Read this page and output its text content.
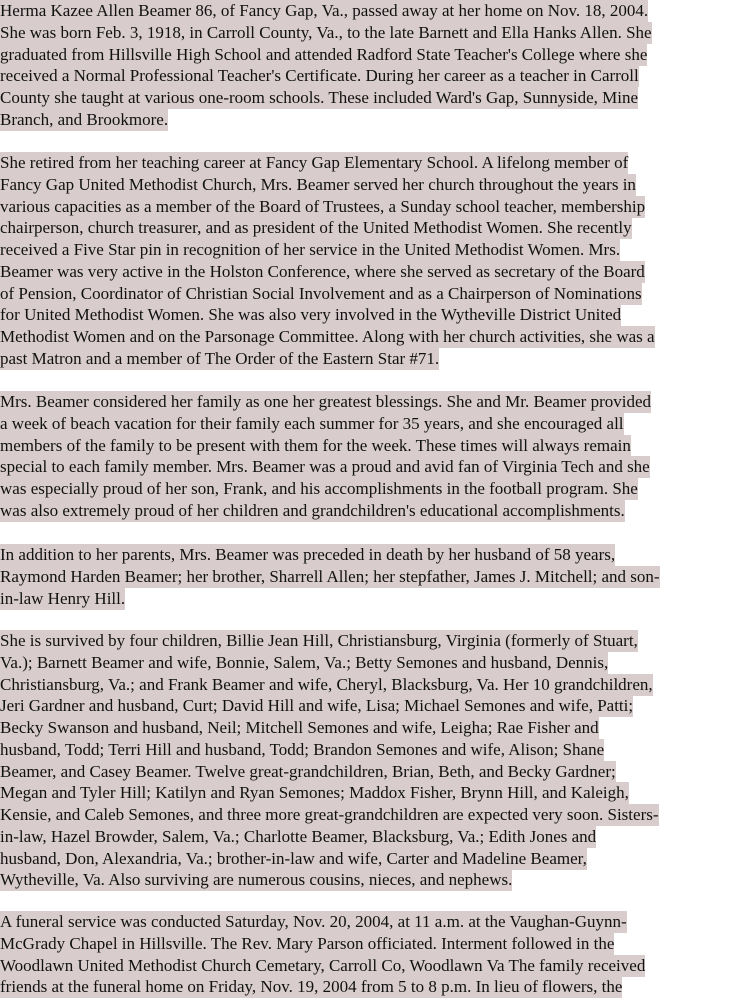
Herma Kazee Allen Beamer 86, of Fancy Gap, Va., passed away at her home on Nov. 18, 2004.
She was born Feb. 3, 1918, in Carroll County, Va., to the late Barnett and Ella Hanks Allen. She
graduated from Hillsville High School and attended Radford State Teacher's College where she
received a Normal Professional Teacher's Certificate. During her career as a teacher in Carroll
County she taught at various one-room schools. These included Ward's Gap, Sunnyside, Mine
Branch, and Brookmore.
She retired from her teaching career at Fancy Gap Elementary School. A lifelong member of
Fancy Gap United Methodist Church, Mrs. Beamer served her church throughout the years in
various capacities as a member of the Board of Trustees, a Sunday school teacher, membership
chairperson, church treasurer, and as president of the United Methodist Women. She recently
received a Five Star pin in recognition of her service in the United Methodist Women. Mrs.
Beamer was very active in the Holston Conference, where she served as secretary of the Board
of Pension, Coordinator of Christian Social Involvement and as a Chairperson of Nominations
for United Methodist Women. She was also very involved in the Wytheville District United
Methodist Women and on the Parsonage Committee. Along with her church activities, she was a
past Matron and a member of The Order of the Eastern Star #71.
Mrs. Beamer considered her family as one her greatest blessings. She and Mr. Beamer provided
a week of beach vacation for their family each summer for 35 years, and she encouraged all
members of the family to be present with them for the week. These times will always remain
special to each family member. Mrs. Beamer was a proud and avid fan of Virginia Tech and she
was especially proud of her son, Frank, and his accomplishments in the football program. She
was also extremely proud of her children and grandchildren's educational accomplishments.
In addition to her parents, Mrs. Beamer was preceded in death by her husband of 58 years,
Raymond Harden Beamer; her brother, Sharrell Allen; her stepfather, James J. Mitchell; and son-
in-law Henry Hill.
She is survived by four children, Billie Jean Hill, Christiansburg, Virginia (formerly of Stuart,
Va.); Barnett Beamer and wife, Bonnie, Salem, Va.; Betty Semones and husband, Dennis,
Christiansburg, Va.; and Frank Beamer and wife, Cheryl, Blacksburg, Va. Her 10 grandchildren,
Jeri Gardner and husband, Curt; David Hill and wife, Lisa; Michael Semones and wife, Patti;
Becky Swanson and husband, Neil; Mitchell Semones and wife, Leigha; Rae Fisher and
husband, Todd; Terri Hill and husband, Todd; Brandon Semones and wife, Alison; Shane
Beamer, and Casey Beamer. Twelve great-grandchildren, Brian, Beth, and Becky Gardner;
Megan and Tyler Hill; Katilyn and Ryan Semones; Maddox Fisher, Brynn Hill, and Kaleigh,
Kensie, and Caleb Semones, and three more great-grandchildren are expected very soon. Sisters-
in-law, Hazel Browder, Salem, Va.; Charlotte Beamer, Blacksburg, Va.; Edith Jones and
husband, Don, Alexandria, Va.; brother-in-law and wife, Carter and Madeline Beamer,
Wytheville, Va. Also surviving are numerous cousins, nieces, and nephews.
A funeral service was conducted Saturday, Nov. 20, 2004, at 11 a.m. at the Vaughan-Guynn-
McGrady Chapel in Hillsville. The Rev. Mary Parson officiated. Interment followed in the
Woodlawn United Methodist Church Cemetary, Carroll Co, Woodlawn Va The family received
friends at the funeral home on Friday, Nov. 19, 2004 from 5 to 8 p.m. In lieu of flowers, the
